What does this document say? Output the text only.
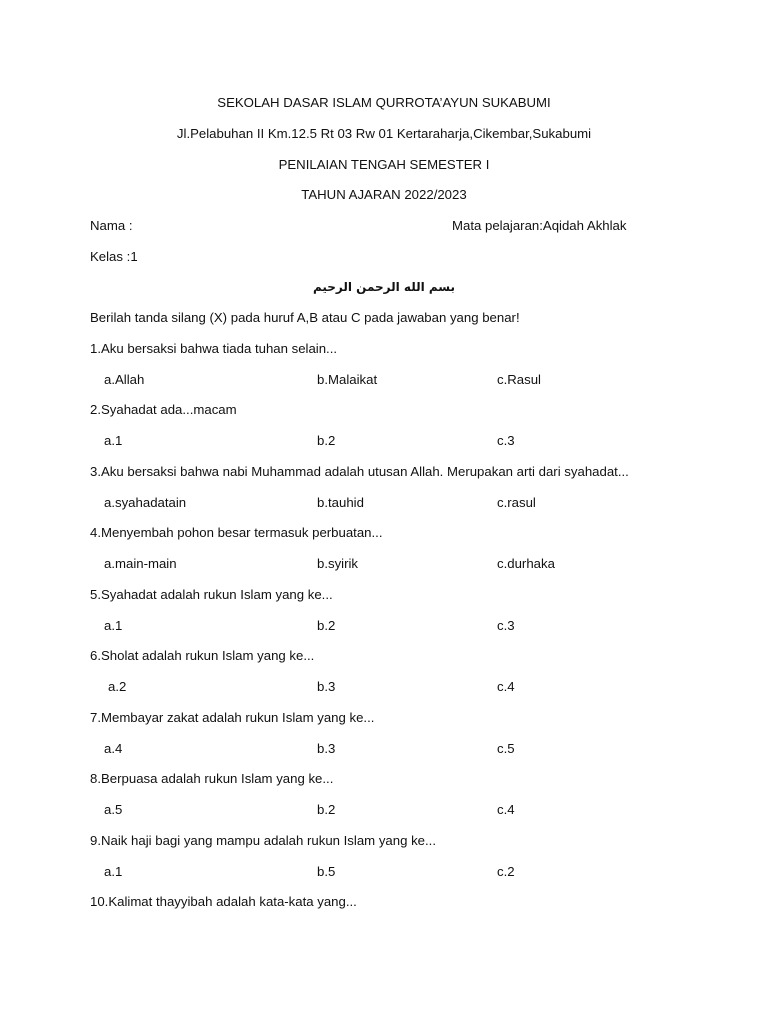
SEKOLAH DASAR ISLAM QURROTA’AYUN SUKABUMI
Jl.Pelabuhan II Km.12.5 Rt 03 Rw 01 Kertaraharja,Cikembar,Sukabumi
PENILAIAN TENGAH SEMESTER I
TAHUN AJARAN 2022/2023
Nama :	Mata pelajaran:Aqidah Akhlak
Kelas :1
بسم الله الرحمن الرحيم
Berilah tanda silang (X) pada huruf A,B atau C pada jawaban yang benar!
1.Aku bersaksi bahwa tiada tuhan selain...
a.Allah	b.Malaikat	c.Rasul
2.Syahadat ada...macam
a.1	b.2	c.3
3.Aku bersaksi bahwa nabi Muhammad adalah utusan Allah. Merupakan arti dari syahadat...
a.syahadatain	b.tauhid	c.rasul
4.Menyembah pohon besar termasuk perbuatan...
a.main-main	b.syirik	c.durhaka
5.Syahadat adalah rukun Islam yang ke...
a.1	b.2	c.3
6.Sholat adalah rukun Islam yang ke...
a.2	b.3	c.4
7.Membayar zakat adalah rukun Islam yang ke...
a.4	b.3	c.5
8.Berpuasa adalah rukun Islam yang ke...
a.5	b.2	c.4
9.Naik haji bagi yang mampu adalah rukun Islam yang ke...
a.1	b.5	c.2
10.Kalimat thayyibah adalah kata-kata yang...
